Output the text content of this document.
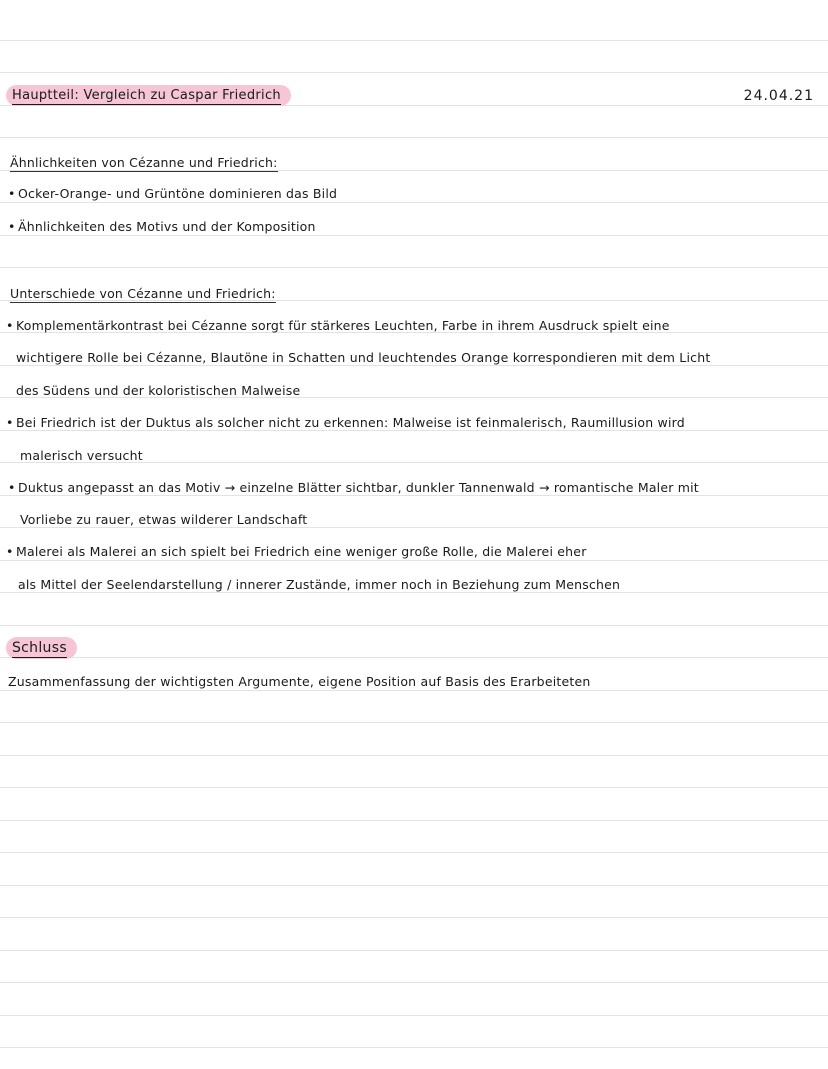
Hauptteil: Vergleich zu Caspar Friedrich	24.04.21
Ähnlichkeiten von Cézanne und Friedrich:
• Ocker-Orange- und Grüntöne dominieren das Bild
• Ähnlichkeiten des Motivs und der Komposition
Unterschiede von Cézanne und Friedrich:
• Komplementärkontrast bei Cézanne sorgt für stärkeres Leuchten, Farbe in ihrem Ausdruck spielt eine
wichtigere Rolle bei Cézanne, Blautöne in Schatten und leuchtendes Orange korrespondieren mit dem Licht
des Südens und der koloristischen Malweise
• Bei Friedrich ist der Duktus als solcher nicht zu erkennen: Malweise ist feinmalerisch, Raumillusion wird
malerisch versucht
• Duktus angepasst an das Motiv → einzelne Blätter sichtbar, dunkler Tannenwald → romantische Maler mit
Vorliebe zu rauer, etwas wilderer Landschaft
• Malerei als Malerei an sich spielt bei Friedrich eine weniger große Rolle, die Malerei eher
als Mittel der Seelendarstellung / innerer Zustände, immer noch in Beziehung zum Menschen
Schluss
Zusammenfassung der wichtigsten Argumente, eigene Position auf Basis des Erarbeiteten
